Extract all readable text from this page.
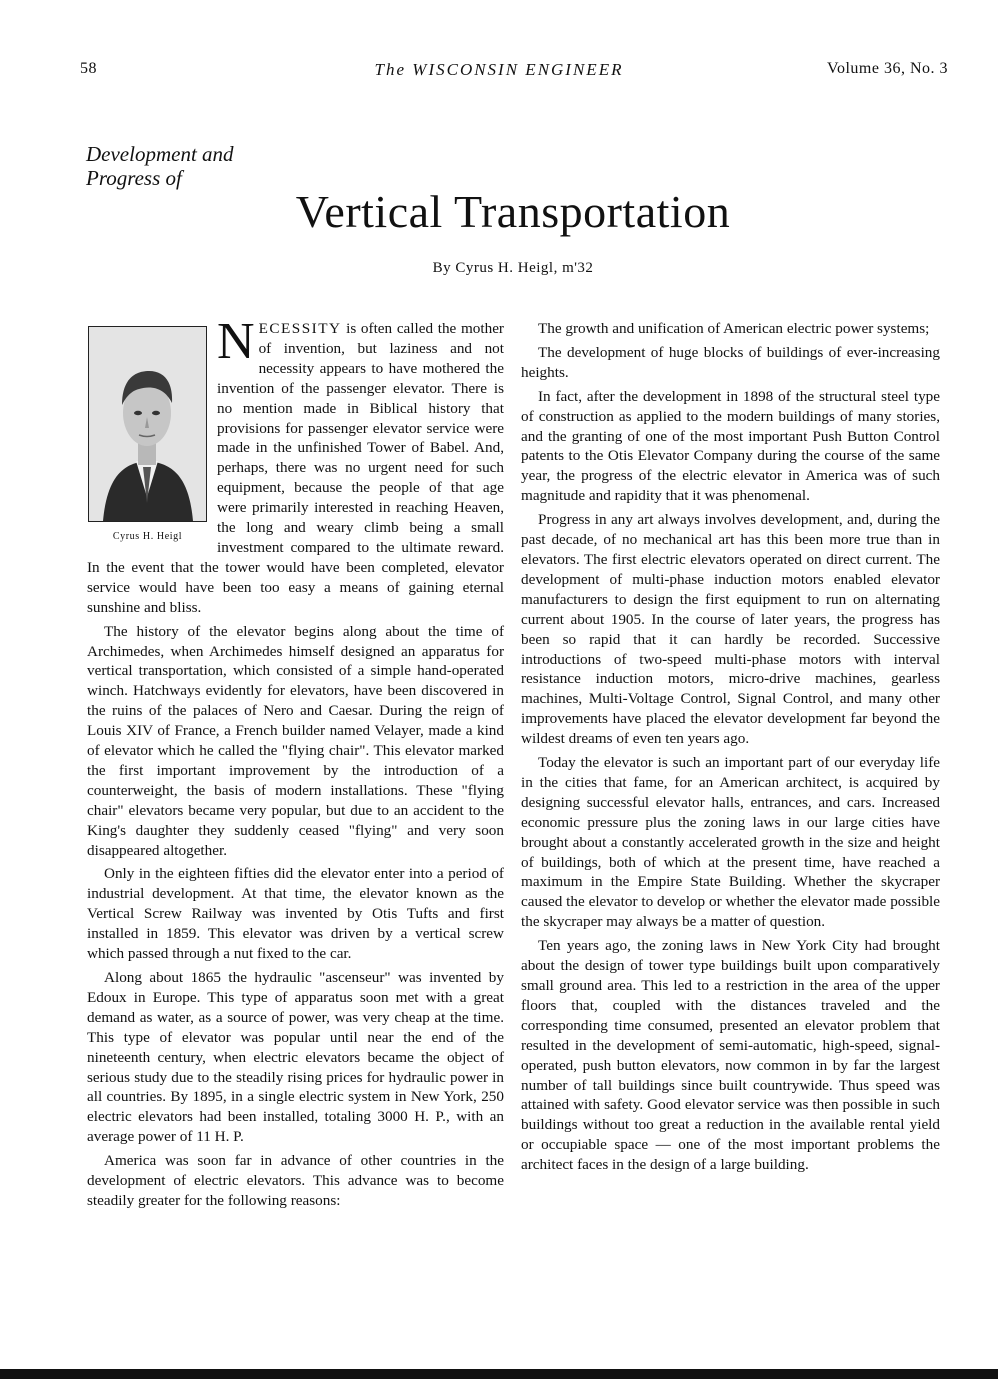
58	The WISCONSIN ENGINEER	Volume 36, No. 3
Development and
Progress of
Vertical Transportation
By Cyrus H. Heigl, m'32
Cyrus H. Heigl

NECESSITY is often called the mother of invention, but laziness and not necessity appears to have mothered the invention of the passenger elevator. There is no mention made in Biblical history that provisions for passenger elevator service were made in the unfinished Tower of Babel. And, perhaps, there was no urgent need for such equipment, because the people of that age were primarily interested in reaching Heaven, the long and weary climb being a small investment compared to the ultimate reward. In the event that the tower would have been completed, elevator service would have been too easy a means of gaining eternal sunshine and bliss.

The history of the elevator begins along about the time of Archimedes, when Archimedes himself designed an apparatus for vertical transportation, which consisted of a simple hand-operated winch. Hatchways evidently for elevators, have been discovered in the ruins of the palaces of Nero and Caesar. During the reign of Louis XIV of France, a French builder named Velayer, made a kind of elevator which he called the "flying chair". This elevator marked the first important improvement by the introduction of a counterweight, the basis of modern installations. These "flying chair" elevators became very popular, but due to an accident to the King's daughter they suddenly ceased "flying" and very soon disappeared altogether.

Only in the eighteen fifties did the elevator enter into a period of industrial development. At that time, the elevator known as the Vertical Screw Railway was invented by Otis Tufts and first installed in 1859. This elevator was driven by a vertical screw which passed through a nut fixed to the car.

Along about 1865 the hydraulic "ascenseur" was invented by Edoux in Europe. This type of apparatus soon met with a great demand as water, as a source of power, was very cheap at the time. This type of elevator was popular until near the end of the nineteenth century, when electric elevators became the object of serious study due to the steadily rising prices for hydraulic power in all countries. By 1895, in a single electric system in New York, 250 electric elevators had been installed, totaling 3000 H. P., with an average power of 11 H. P.

America was soon far in advance of other countries in the development of electric elevators. This advance was to become steadily greater for the following reasons:

The growth and unification of American electric power systems;

The development of huge blocks of buildings of ever-increasing heights.

In fact, after the development in 1898 of the structural steel type of construction as applied to the modern buildings of many stories, and the granting of one of the most important Push Button Control patents to the Otis Elevator Company during the course of the same year, the progress of the electric elevator in America was of such magnitude and rapidity that it was phenomenal.

Progress in any art always involves development, and, during the past decade, of no mechanical art has this been more true than in elevators. The first electric elevators operated on direct current. The development of multi-phase induction motors enabled elevator manufacturers to design the first equipment to run on alternating current about 1905. In the course of later years, the progress has been so rapid that it can hardly be recorded. Successive introductions of two-speed multi-phase motors with interval resistance induction motors, micro-drive machines, gearless machines, Multi-Voltage Control, Signal Control, and many other improvements have placed the elevator development far beyond the wildest dreams of even ten years ago.

Today the elevator is such an important part of our everyday life in the cities that fame, for an American architect, is acquired by designing successful elevator halls, entrances, and cars. Increased economic pressure plus the zoning laws in our large cities have brought about a constantly accelerated growth in the size and height of buildings, both of which at the present time, have reached a maximum in the Empire State Building. Whether the skycraper caused the elevator to develop or whether the elevator made possible the skycraper may always be a matter of question.

Ten years ago, the zoning laws in New York City had brought about the design of tower type buildings built upon comparatively small ground area. This led to a restriction in the area of the upper floors that, coupled with the distances traveled and the corresponding time consumed, presented an elevator problem that resulted in the development of semi-automatic, high-speed, signal-operated, push button elevators, now common in by far the largest number of tall buildings since built countrywide. Thus speed was attained with safety. Good elevator service was then possible in such buildings without too great a reduction in the available rental yield or occupiable space — one of the most important problems the architect faces in the design of a large building.
